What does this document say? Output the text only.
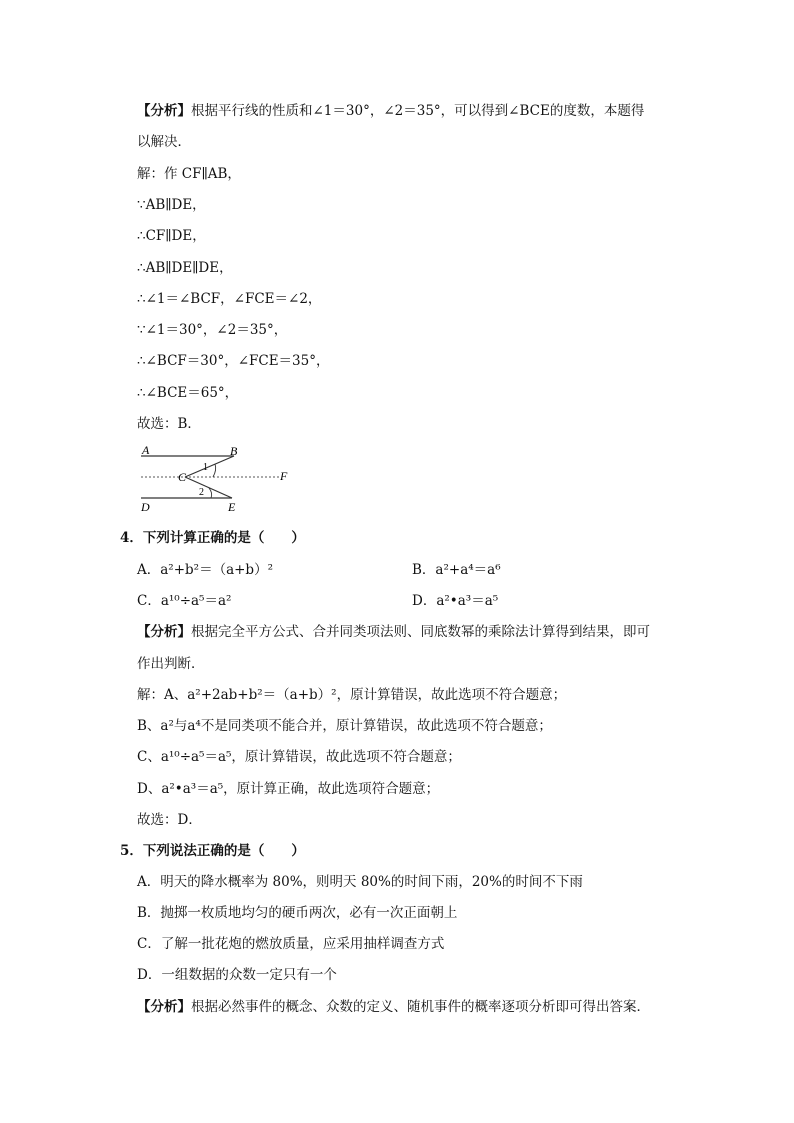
【分析】根据平行线的性质和∠1＝30°，∠2＝35°，可以得到∠BCE的度数，本题得
以解决．
解：作 CF∥AB，
∵AB∥DE，
∴CF∥DE，
∴AB∥DE∥DE，
∴∠1＝∠BCF，∠FCE＝∠2，
∵∠1＝30°，∠2＝35°，
∴∠BCF＝30°，∠FCE＝35°，
∴∠BCE＝65°，
故选：B．
A	B
C
D	E
F
1
2
4．下列计算正确的是（　　）
A．a²+b²＝（a+b）²	B．a²+a⁴＝a⁶
C．a¹⁰÷a⁵＝a²	D．a²•a³＝a⁵
【分析】根据完全平方公式、合并同类项法则、同底数幂的乘除法计算得到结果，即可
作出判断．
解：A、a²+2ab+b²＝（a+b）²，原计算错误，故此选项不符合题意；
B、a²与a⁴不是同类项不能合并，原计算错误，故此选项不符合题意；
C、a¹⁰÷a⁵＝a⁵，原计算错误，故此选项不符合题意；
D、a²•a³＝a⁵，原计算正确，故此选项符合题意；
故选：D．
5．下列说法正确的是（　　）
A．明天的降水概率为 80%，则明天 80%的时间下雨，20%的时间不下雨
B．抛掷一枚质地均匀的硬币两次，必有一次正面朝上
C．了解一批花炮的燃放质量，应采用抽样调查方式
D．一组数据的众数一定只有一个
【分析】根据必然事件的概念、众数的定义、随机事件的概率逐项分析即可得出答案．
